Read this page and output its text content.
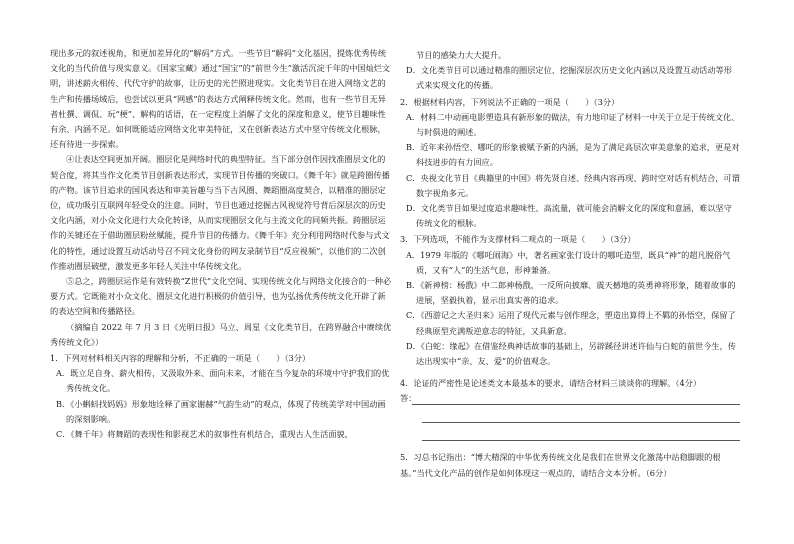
现出多元的叙述视角，和更加差异化的“解码”方式。一些节目“解码”文化基因，提炼优秀传统文化的当代价值与现实意义。《国家宝藏》通过“国宝”的“前世今生”激活沉淀千年的中国灿烂文明，讲述薪火相传、代代守护的故事，让历史的光芒照进现实。文化类节目在进入网络文艺的生产和传播场域后，也尝试以更具“网感”的表达方式阐释传统文化。然而，也有一些节目无异者杜撰、调侃、玩“梗”、解构的话语，在一定程度上消解了文化的深度和意义，使节目趣味性有余、内涵不足。如何既能适应网络文化审美特征，又在创新表达方式中坚守传统文化根脉，还有待进一步探索。

④让表达空间更加开阔。圈层化是网络时代的典型特征。当下部分创作因找准圈层文化的契合度，将其当作文化类节目创新表达形式，实现节目传播的突破口。《舞千年》就是跨圈传播的产物。该节目追求的国风表达和审美旨趣与当下古风圈、舞蹈圈高度契合，以精准的圈层定位，成功吸引互联网年轻受众的注意。同时，节目也通过挖掘古风视觉符号背后深层次的历史文化内涵，对小众文化进行大众化转译，从而实现圈层文化与主流文化的同频共振。跨圈层运作的关键还在于借助圈层粉丝赋能，提升节目的传播力。《舞千年》充分利用网络时代参与式文化的特性，通过设置互动话动号召不同文化身份的网友录制节目“反应视频”，以他们的二次创作推动圈层破壁，激发更多年轻人关注中华传统文化。

⑤总之，跨圈层运作是有效转换“Z世代”文化空间、实现传统文化与网络文化接合的一种必要方式。它既能对小众文化、圈层文化进行积极的价值引导，也为弘扬优秀传统文化开辟了新的表达空间和传播路径。

（摘编自 2022 年 7 月 3 日《光明日报》马立、周星《文化类节目，在跨界融合中赓续优秀传统文化》）

1．下列对材料相关内容的理解和分析，不正确的一项是（　　）（3分）

A．既立足自身、薪火相传，又汲取外来、面向未来，才能在当今复杂的环境中守护我们的优秀传统文化。

B．《小蝌蚪找妈妈》形象地诠释了画家谢赫“气韵生动”的观点，体现了传统美学对中国动画的深刻影响。

C．《舞千年》将舞蹈的表现性和影视艺术的叙事性有机结合，重现古人生活面貌，

节目的感染力大大提升。

D．文化类节目可以通过精准的圈层定位、挖掘深层次历史文化内涵以及设置互动话动等形式来实现文化的传播。

2．根据材料内容，下列说法不正确的一项是（　　）（3分）

A．材料二中动画电影塑造具有新形象的做法，有力地印证了材料一中关于立足于传统文化、与时俱进的阐述。

B．近年来孙悟空、哪吒的形象被赋予新的内涵，是为了满足高层次审美意象的追求，更是对科技进步的有力回应。

C．央视文化节目《典籍里的中国》将先贤自述、经典内容再现、跨时空对话有机结合，可谓数字视角多元。

D．文化类节目如果过度追求趣味性、高流量，就可能会消解文化的深度和意涵，难以坚守传统文化的根脉。

3．下列选项，不能作为支撑材料二观点的一项是（　　）（3分）

A．1979 年版的《哪吒闹海》中，著名画家张仃设计的哪吒造型，既具“神”的超凡脱俗气质，又有“人”的生活气息，形神兼备。

B．《新神榜：杨戬》中二郎神杨戬，一反所向披靡、震天撼地的英勇神将形象，随着故事的进展，坚毅执着，显示出真实善的追求。

C．《西游记之大圣归来》运用了现代元素与创作理念，塑造出算得上不羁的孙悟空，保留了经典原型充满叛逆意志的特征，又具新意。

D．《白蛇：缘起》在借鉴经典神话故事的基础上，另辟蹊径讲述许仙与白蛇的前世今生，传达出现实中“亲、友、爱”的价值观念。

4．论证的严密性是论述类文本最基本的要求，请结合材料三谈谈你的理解。（4分）

答：

5．习总书记指出：“博大精深的中华优秀传统文化是我们在世界文化激荡中站稳脚跟的根基。”当代文化产品的创作是如何体现这一观点的，请结合文本分析。（6分）
